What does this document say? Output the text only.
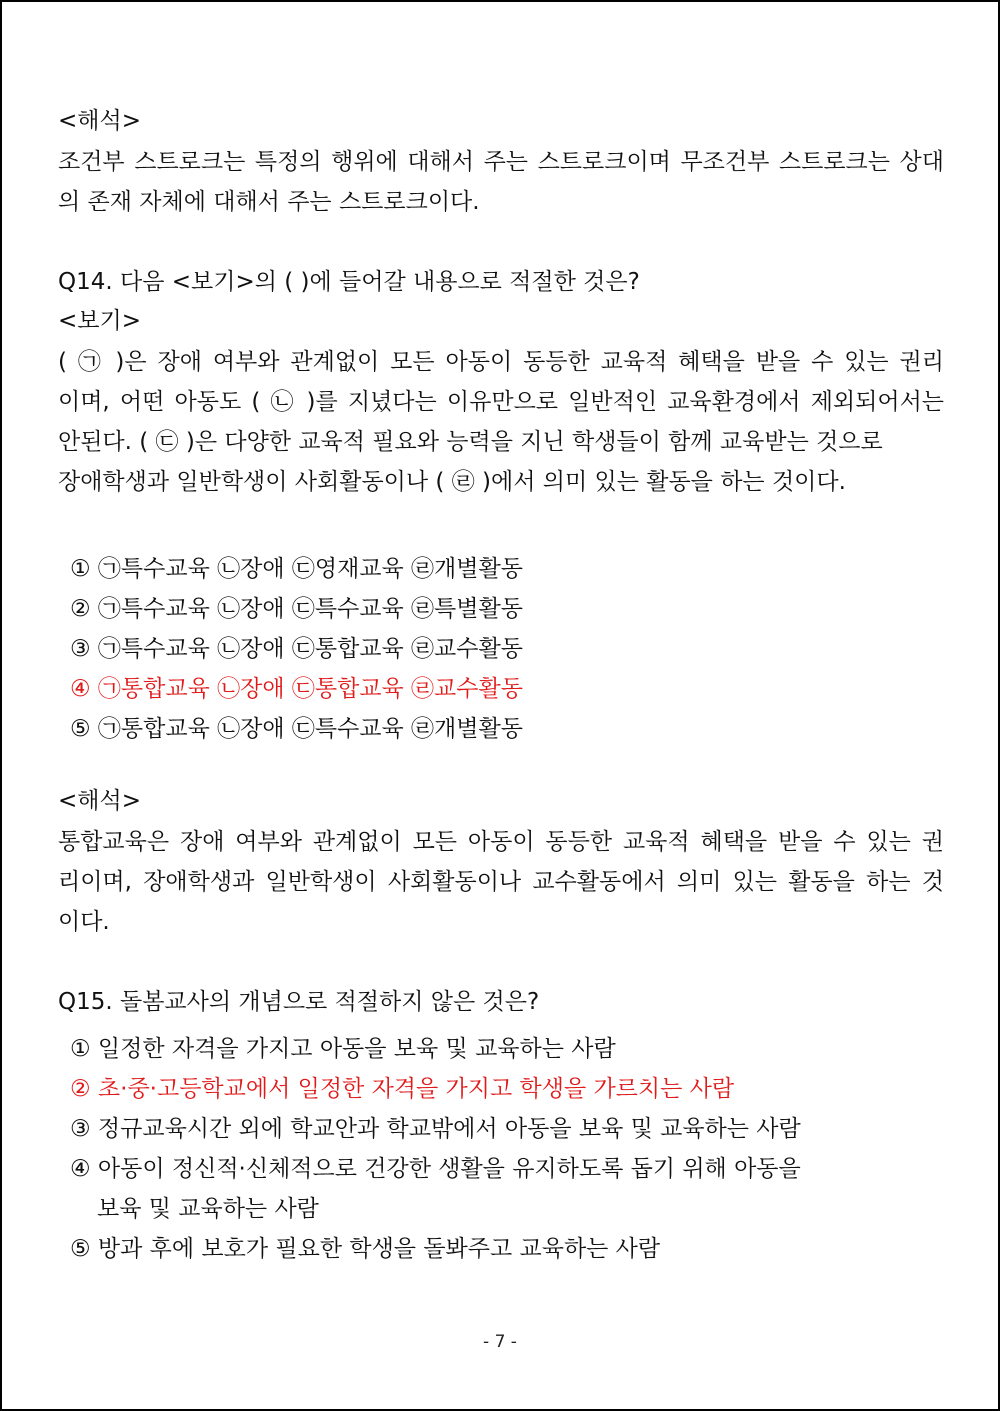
<해석>
조건부 스트로크는 특정의 행위에 대해서 주는 스트로크이며 무조건부 스트로크는 상대
의 존재 자체에 대해서 주는 스트로크이다.
Q14. 다음 <보기>의 ( )에 들어갈 내용으로 적절한 것은?
<보기>
( ㉠ )은 장애 여부와 관계없이 모든 아동이 동등한 교육적 혜택을 받을 수 있는 권리
이며, 어떤 아동도 ( ㉡ )를 지녔다는 이유만으로 일반적인 교육환경에서 제외되어서는
안된다. ( ㉢ )은 다양한 교육적 필요와 능력을 지닌 학생들이 함께 교육받는 것으로
장애학생과 일반학생이 사회활동이나 ( ㉣ )에서 의미 있는 활동을 하는 것이다.
① ㉠특수교육 ㉡장애 ㉢영재교육 ㉣개별활동
② ㉠특수교육 ㉡장애 ㉢특수교육 ㉣특별활동
③ ㉠특수교육 ㉡장애 ㉢통합교육 ㉣교수활동
④ ㉠통합교육 ㉡장애 ㉢통합교육 ㉣교수활동
⑤ ㉠통합교육 ㉡장애 ㉢특수교육 ㉣개별활동
<해석>
통합교육은 장애 여부와 관계없이 모든 아동이 동등한 교육적 혜택을 받을 수 있는 권
리이며, 장애학생과 일반학생이 사회활동이나 교수활동에서 의미 있는 활동을 하는 것
이다.
Q15. 돌봄교사의 개념으로 적절하지 않은 것은?
① 일정한 자격을 가지고 아동을 보육 및 교육하는 사람
② 초·중·고등학교에서 일정한 자격을 가지고 학생을 가르치는 사람
③ 정규교육시간 외에 학교안과 학교밖에서 아동을 보육 및 교육하는 사람
④ 아동이 정신적·신체적으로 건강한 생활을 유지하도록 돕기 위해 아동을
보육 및 교육하는 사람
⑤ 방과 후에 보호가 필요한 학생을 돌봐주고 교육하는 사람
- 7 -
